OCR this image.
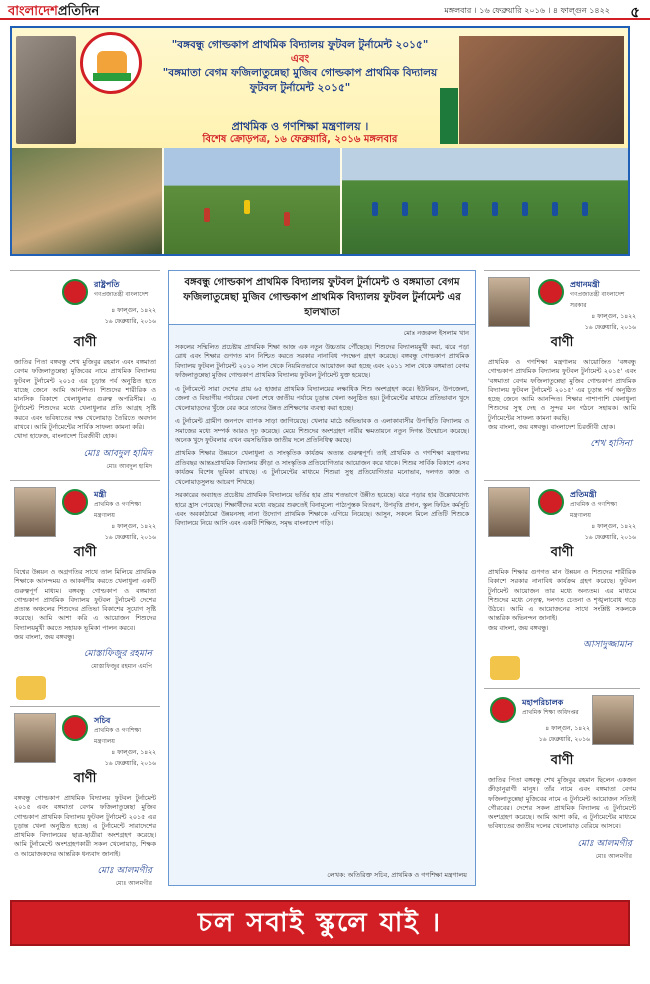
বাংলাদেশপ্রতিদিন	মঙ্গলবার । ১৬ ফেব্রুয়ারি ২০১৬ । ৪ ফাল্গুন ১৪২২ ৫
"বঙ্গবন্ধু গোল্ডকাপ প্রাথমিক বিদ্যালয় ফুটবল টুর্নামেন্ট ২০১৫"
এবং
"বঙ্গমাতা বেগম ফজিলাতুন্নেছা মুজিব গোল্ডকাপ প্রাথমিক বিদ্যালয় ফুটবল টুর্নামেন্ট ২০১৫"
প্রাথমিক ও গণশিক্ষা মন্ত্রণালয় ।
বিশেষ ক্রোড়পত্র, ১৬ ফেব্রুয়ারি, ২০১৬ মঙ্গলবার
রাষ্ট্রপতি
গণপ্রজাতন্ত্রী বাংলাদেশ
৪ ফাল্গুন, ১৪২২
১৬ ফেব্রুয়ারি, ২০১৬
বাণী
জাতির পিতা বঙ্গবন্ধু শেখ মুজিবুর রহমান এবং বঙ্গমাতা বেগম ফজিলাতুন্নেছা মুজিবের নামে প্রাথমিক বিদ্যালয় ফুটবল টুর্নামেন্ট ২০১৫ এর চূড়ান্ত পর্ব অনুষ্ঠিত হতে যাচ্ছে জেনে আমি আনন্দিত। শিশুদের শারীরিক ও মানসিক বিকাশে খেলাধুলার গুরুত্ব অপরিসীম। এ টুর্নামেন্ট শিশুদের মধ্যে খেলাধুলার প্রতি আগ্রহ সৃষ্টি করবে এবং ভবিষ্যতের দক্ষ খেলোয়াড় তৈরিতে অবদান রাখবে। আমি টুর্নামেন্টের সার্বিক সাফল্য কামনা করি।
খোদা হাফেজ, বাংলাদেশ চিরজীবী হোক।
মোঃ আবদুল হামিদ
মোঃ আবদুল হামিদ
মন্ত্রী
প্রাথমিক ও গণশিক্ষা মন্ত্রণালয়
৪ ফাল্গুন, ১৪২২
১৬ ফেব্রুয়ারি, ২০১৬
বাণী
বিশ্বের উন্নয়ন ও অগ্রগতির সাথে তাল মিলিয়ে প্রাথমিক শিক্ষাকে আনন্দময় ও আকর্ষণীয় করতে খেলাধুলা একটি গুরুত্বপূর্ণ মাধ্যম। বঙ্গবন্ধু গোল্ডকাপ ও বঙ্গমাতা গোল্ডকাপ প্রাথমিক বিদ্যালয় ফুটবল টুর্নামেন্ট দেশের প্রত্যন্ত অঞ্চলের শিশুদের প্রতিভা বিকাশের সুযোগ সৃষ্টি করেছে। আমি আশা করি এ আয়োজন শিশুদের বিদ্যালয়মুখী করতে সহায়ক ভূমিকা পালন করবে।
জয় বাংলা, জয় বঙ্গবন্ধু।
মোস্তাফিজুর রহমান
মোস্তাফিজুর রহমান এমপি
সচিব
প্রাথমিক ও গণশিক্ষা মন্ত্রণালয়
৪ ফাল্গুন, ১৪২২
১৬ ফেব্রুয়ারি, ২০১৬
বাণী
বঙ্গবন্ধু গোল্ডকাপ প্রাথমিক বিদ্যালয় ফুটবল টুর্নামেন্ট ২০১৫ এবং বঙ্গমাতা বেগম ফজিলাতুন্নেছা মুজিব গোল্ডকাপ প্রাথমিক বিদ্যালয় ফুটবল টুর্নামেন্ট ২০১৫ এর চূড়ান্ত খেলা অনুষ্ঠিত হচ্ছে। এ টুর্নামেন্টে সারাদেশের প্রাথমিক বিদ্যালয়ের ছাত্র-ছাত্রীরা অংশগ্রহণ করেছে। আমি টুর্নামেন্টে অংশগ্রহণকারী সকল খেলোয়াড়, শিক্ষক ও আয়োজকদের আন্তরিক ধন্যবাদ জানাই।
মোঃ আলমগীর
মোঃ আলমগীর
বঙ্গবন্ধু গোল্ডকাপ প্রাথমিক বিদ্যালয় ফুটবল টুর্নামেন্ট ও বঙ্গমাতা বেগম ফজিলাতুন্নেছা মুজিব গোল্ডকাপ প্রাথমিক বিদ্যালয় ফুটবল টুর্নামেন্ট এর হালখাতা
মোঃ নজরুল ইসলাম খান
সকলের সম্মিলিত প্রচেষ্টায় প্রাথমিক শিক্ষা আজ এক নতুন উচ্চতায় পৌঁছেছে। শিশুদের বিদ্যালয়মুখী করা, ঝরে পড়া রোধ এবং শিক্ষার গুণগত মান নিশ্চিত করতে সরকার নানাবিধ পদক্ষেপ গ্রহণ করেছে। বঙ্গবন্ধু গোল্ডকাপ প্রাথমিক বিদ্যালয় ফুটবল টুর্নামেন্ট ২০১০ সাল থেকে নিয়মিতভাবে আয়োজন করা হচ্ছে এবং ২০১১ সাল থেকে বঙ্গমাতা বেগম ফজিলাতুন্নেছা মুজিব গোল্ডকাপ প্রাথমিক বিদ্যালয় ফুটবল টুর্নামেন্ট যুক্ত হয়েছে।
এ টুর্নামেন্টে সারা দেশের প্রায় ৬৫ হাজার প্রাথমিক বিদ্যালয়ের লক্ষাধিক শিশু অংশগ্রহণ করে। ইউনিয়ন, উপজেলা, জেলা ও বিভাগীয় পর্যায়ের খেলা শেষে জাতীয় পর্যায়ে চূড়ান্ত খেলা অনুষ্ঠিত হয়। টুর্নামেন্টের মাধ্যমে প্রতিভাবান খুদে খেলোয়াড়দের খুঁজে বের করে তাদের উন্নত প্রশিক্ষণের ব্যবস্থা করা হচ্ছে।
এ টুর্নামেন্ট গ্রামীণ জনপদে ব্যাপক সাড়া জাগিয়েছে। খেলার মাঠে অভিভাবক ও এলাকাবাসীর উপস্থিতি বিদ্যালয় ও সমাজের মধ্যে সম্পর্ক আরও দৃঢ় করেছে। মেয়ে শিশুদের অংশগ্রহণ নারীর ক্ষমতায়নে নতুন দিগন্ত উন্মোচন করেছে। অনেক খুদে ফুটবলার এখন বয়সভিত্তিক জাতীয় দলে প্রতিনিধিত্ব করছে।
প্রাথমিক শিক্ষার উন্নয়নে খেলাধুলা ও সাংস্কৃতিক কার্যক্রম অত্যন্ত গুরুত্বপূর্ণ। তাই প্রাথমিক ও গণশিক্ষা মন্ত্রণালয় প্রতিবছর আন্তঃপ্রাথমিক বিদ্যালয় ক্রীড়া ও সাংস্কৃতিক প্রতিযোগিতার আয়োজন করে থাকে। শিশুর সার্বিক বিকাশে এসব কার্যক্রম বিশেষ ভূমিকা রাখছে। এ টুর্নামেন্টের মাধ্যমে শিশুরা সুস্থ প্রতিযোগিতার মনোভাব, দলগত কাজ ও খেলোয়াড়সুলভ আচরণ শিখছে।
সরকারের অব্যাহত প্রচেষ্টায় প্রাথমিক বিদ্যালয়ে ভর্তির হার প্রায় শতভাগে উন্নীত হয়েছে। ঝরে পড়ার হার উল্লেখযোগ্য হারে হ্রাস পেয়েছে। শিক্ষার্থীদের মধ্যে বছরের শুরুতেই বিনামূল্যে পাঠ্যপুস্তক বিতরণ, উপবৃত্তি প্রদান, স্কুল ফিডিং কর্মসূচি এবং অবকাঠামো উন্নয়নসহ নানা উদ্যোগ প্রাথমিক শিক্ষাকে এগিয়ে নিয়েছে। আসুন, সকলে মিলে প্রতিটি শিশুকে বিদ্যালয়ে নিয়ে আসি এবং একটি শিক্ষিত, সমৃদ্ধ বাংলাদেশ গড়ি।
লেখক: অতিরিক্ত সচিব, প্রাথমিক ও গণশিক্ষা মন্ত্রণালয়
প্রধানমন্ত্রী
গণপ্রজাতন্ত্রী বাংলাদেশ সরকার
৪ ফাল্গুন, ১৪২২
১৬ ফেব্রুয়ারি, ২০১৬
বাণী
প্রাথমিক ও গণশিক্ষা মন্ত্রণালয় আয়োজিত 'বঙ্গবন্ধু গোল্ডকাপ প্রাথমিক বিদ্যালয় ফুটবল টুর্নামেন্ট ২০১৫' এবং 'বঙ্গমাতা বেগম ফজিলাতুন্নেছা মুজিব গোল্ডকাপ প্রাথমিক বিদ্যালয় ফুটবল টুর্নামেন্ট ২০১৫' এর চূড়ান্ত পর্ব অনুষ্ঠিত হচ্ছে জেনে আমি আনন্দিত। শিক্ষার পাশাপাশি খেলাধুলা শিশুদের সুস্থ দেহ ও সুন্দর মন গঠনে সহায়ক। আমি টুর্নামেন্টের সাফল্য কামনা করছি।
জয় বাংলা, জয় বঙ্গবন্ধু। বাংলাদেশ চিরজীবী হোক।
শেখ হাসিনা
প্রতিমন্ত্রী
প্রাথমিক ও গণশিক্ষা মন্ত্রণালয়
৪ ফাল্গুন, ১৪২২
১৬ ফেব্রুয়ারি, ২০১৬
বাণী
প্রাথমিক শিক্ষার গুণগত মান উন্নয়ন ও শিশুদের শারীরিক বিকাশে সরকার নানাবিধ কার্যক্রম গ্রহণ করেছে। ফুটবল টুর্নামেন্ট আয়োজন তার মধ্যে অন্যতম। এর মাধ্যমে শিশুদের মধ্যে নেতৃত্ব, দলগত চেতনা ও শৃঙ্খলাবোধ গড়ে উঠবে। আমি এ আয়োজনের সাথে সংশ্লিষ্ট সকলকে আন্তরিক অভিনন্দন জানাই।
জয় বাংলা, জয় বঙ্গবন্ধু।
আসাদুজ্জামান
মহাপরিচালক
প্রাথমিক শিক্ষা অধিদপ্তর
৪ ফাল্গুন, ১৪২২
১৬ ফেব্রুয়ারি, ২০১৬
বাণী
জাতির পিতা বঙ্গবন্ধু শেখ মুজিবুর রহমান ছিলেন একজন ক্রীড়ানুরাগী মানুষ। তাঁর নামে এবং বঙ্গমাতা বেগম ফজিলাতুন্নেছা মুজিবের নামে এ টুর্নামেন্ট আয়োজন সত্যিই গৌরবের। দেশের সকল প্রাথমিক বিদ্যালয় এ টুর্নামেন্টে অংশগ্রহণ করেছে। আমি আশা করি, এ টুর্নামেন্টের মাধ্যমে ভবিষ্যতের জাতীয় দলের খেলোয়াড় বেরিয়ে আসবে।
মোঃ আলমগীর
মোঃ আলমগীর
চল সবাই স্কুলে যাই ।
